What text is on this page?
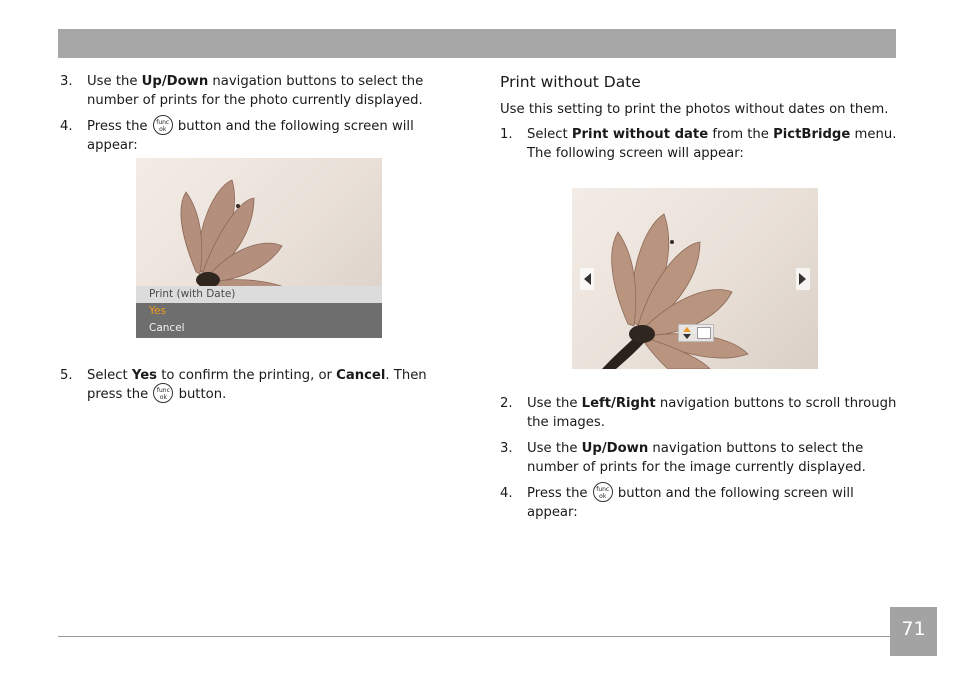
3.	Use the Up/Down navigation buttons to select the number of prints for the photo currently displayed.
4.	Press the func
ok button and the following screen will appear:
Print (with Date)
Yes
Cancel
5.	Select Yes to confirm the printing, or Cancel. Then press the func
ok button.
Print without Date
Use this setting to print the photos without dates on them.
1.	Select Print without date from the PictBridge menu. The following screen will appear:
2.	Use the Left/Right navigation buttons to scroll through the images.
3.	Use the Up/Down navigation buttons to select the number of prints for the image currently displayed.
4.	Press the func
ok button and the following screen will appear:
71
